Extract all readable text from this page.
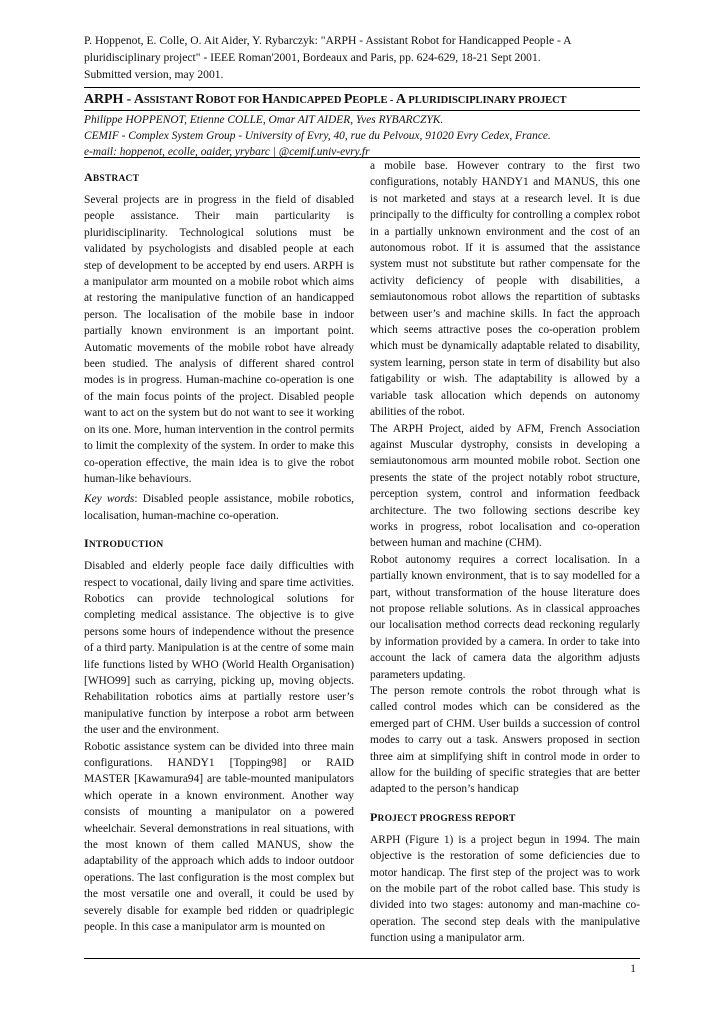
P. Hoppenot, E. Colle, O. Ait Aider, Y. Rybarczyk: "ARPH - Assistant Robot for Handicapped People - A
pluridisciplinary project" - IEEE Roman'2001, Bordeaux and Paris, pp. 624-629, 18-21 Sept 2001.
Submitted version, may 2001.
ARPH - ASSISTANT ROBOT FOR HANDICAPPED PEOPLE - A PLURIDISCIPLINARY PROJECT
Philippe HOPPENOT, Etienne COLLE, Omar AIT AIDER, Yves RYBARCZYK.
CEMIF - Complex System Group - University of Evry, 40, rue du Pelvoux, 91020 Evry Cedex, France.
e-mail: hoppenot, ecolle, oaider, yrybarc | @cemif.univ-evry.fr
ABSTRACT

Several projects are in progress in the field of disabled people assistance. Their main particularity is pluridisciplinarity. Technological solutions must be validated by psychologists and disabled people at each step of development to be accepted by end users. ARPH is a manipulator arm mounted on a mobile robot which aims at restoring the manipulative function of an handicapped person. The localisation of the mobile base in indoor partially known environment is an important point. Automatic movements of the mobile robot have already been studied. The analysis of different shared control modes is in progress. Human-machine co-operation is one of the main focus points of the project. Disabled people want to act on the system but do not want to see it working on its one. More, human intervention in the control permits to limit the complexity of the system. In order to make this co-operation effective, the main idea is to give the robot human-like behaviours.

Key words: Disabled people assistance, mobile robotics, localisation, human-machine co-operation.

INTRODUCTION

Disabled and elderly people face daily difficulties with respect to vocational, daily living and spare time activities. Robotics can provide technological solutions for completing medical assistance. The objective is to give persons some hours of independence without the presence of a third party. Manipulation is at the centre of some main life functions listed by WHO (World Health Organisation) [WHO99] such as carrying, picking up, moving objects. Rehabilitation robotics aims at partially restore user’s manipulative function by interpose a robot arm between the user and the environment.

Robotic assistance system can be divided into three main configurations. HANDY1 [Topping98] or RAID MASTER [Kawamura94] are table-mounted manipulators which operate in a known environment. Another way consists of mounting a manipulator on a powered wheelchair. Several demonstrations in real situations, with the most known of them called MANUS, show the adaptability of the approach which adds to indoor outdoor operations. The last configuration is the most complex but the most versatile one and overall, it could be used by severely disable for example bed ridden or quadriplegic people. In this case a manipulator arm is mounted on

a mobile base. However contrary to the first two configurations, notably HANDY1 and MANUS, this one is not marketed and stays at a research level. It is due principally to the difficulty for controlling a complex robot in a partially unknown environment and the cost of an autonomous robot. If it is assumed that the assistance system must not substitute but rather compensate for the activity deficiency of people with disabilities, a semiautonomous robot allows the repartition of subtasks between user’s and machine skills. In fact the approach which seems attractive poses the co-operation problem which must be dynamically adaptable related to disability, system learning, person state in term of disability but also fatigability or wish. The adaptability is allowed by a variable task allocation which depends on autonomy abilities of the robot.

The ARPH Project, aided by AFM, French Association against Muscular dystrophy, consists in developing a semiautonomous arm mounted mobile robot. Section one presents the state of the project notably robot structure, perception system, control and information feedback architecture. The two following sections describe key works in progress, robot localisation and co-operation between human and machine (CHM).

Robot autonomy requires a correct localisation. In a partially known environment, that is to say modelled for a part, without transformation of the house literature does not propose reliable solutions. As in classical approaches our localisation method corrects dead reckoning regularly by information provided by a camera. In order to take into account the lack of camera data the algorithm adjusts parameters updating.

The person remote controls the robot through what is called control modes which can be considered as the emerged part of CHM. User builds a succession of control modes to carry out a task. Answers proposed in section three aim at simplifying shift in control mode in order to allow for the building of specific strategies that are better adapted to the person’s handicap

PROJECT PROGRESS REPORT

ARPH (Figure 1) is a project begun in 1994. The main objective is the restoration of some deficiencies due to motor handicap. The first step of the project was to work on the mobile part of the robot called base. This study is divided into two stages: autonomy and man-machine co-operation. The second step deals with the manipulative function using a manipulator arm.

1
